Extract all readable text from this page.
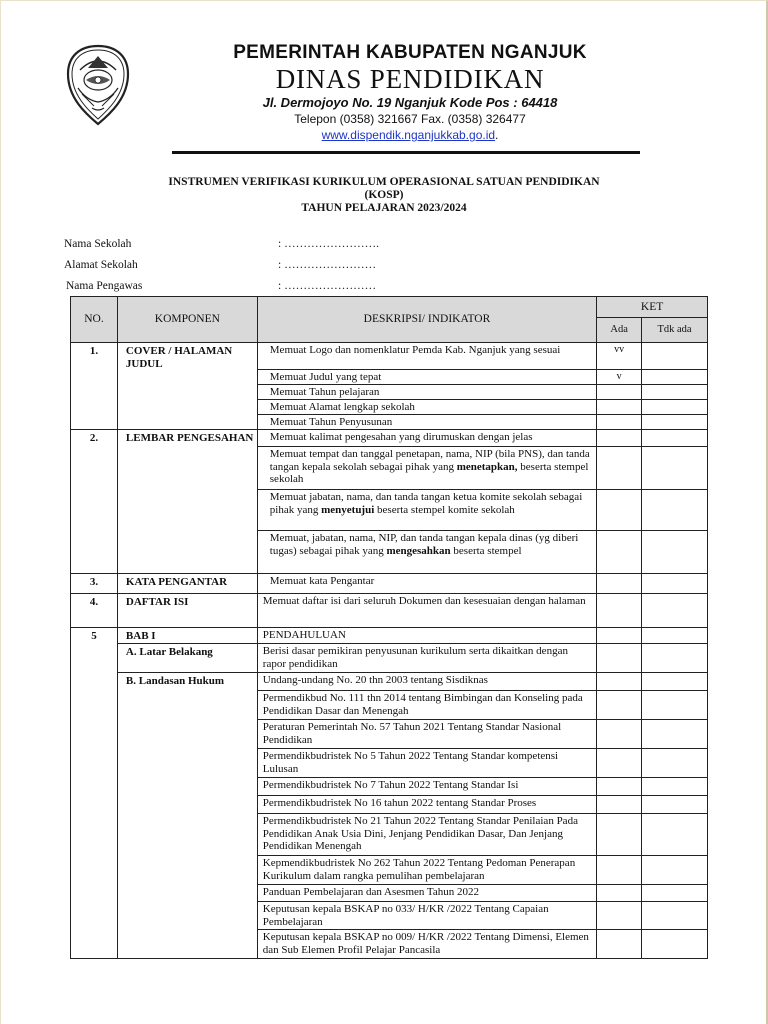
PEMERINTAH KABUPATEN NGANJUK
DINAS PENDIDIKAN
Jl. Dermojoyo No. 19 Nganjuk Kode Pos : 64418
Telepon (0358) 321667 Fax. (0358) 326477
www.dispendik.nganjukkab.go.id.
INSTRUMEN VERIFIKASI KURIKULUM OPERASIONAL SATUAN PENDIDIKAN
(KOSP)
TAHUN PELAJARAN 2023/2024
Nama Sekolah	: …………………….
Alamat Sekolah	: ……………………
Nama Pengawas	: ……………………
NO.	KOMPONEN	DESKRIPSI/ INDIKATOR	KET	
			Ada	Tdk ada
1.	COVER / HALAMAN JUDUL	Memuat Logo dan nomenklatur Pemda Kab. Nganjuk yang sesuai	vv	
		Memuat Judul yang tepat	v	
		Memuat Tahun pelajaran		
		Memuat Alamat lengkap sekolah		
		Memuat Tahun Penyusunan		
2.	LEMBAR PENGESAHAN	Memuat kalimat pengesahan yang dirumuskan dengan jelas		
		Memuat tempat dan tanggal penetapan, nama, NIP (bila PNS), dan tanda tangan kepala sekolah sebagai pihak yang menetapkan, beserta stempel sekolah		
		Memuat jabatan, nama, dan tanda tangan ketua komite sekolah sebagai pihak yang menyetujui beserta stempel komite sekolah		
		Memuat, jabatan, nama, NIP, dan tanda tangan kepala dinas (yg diberi tugas) sebagai pihak yang mengesahkan beserta stempel		
3.	KATA PENGANTAR	Memuat kata Pengantar		
4.	DAFTAR ISI	Memuat daftar isi dari seluruh Dokumen dan kesesuaian dengan halaman		
5	BAB I	PENDAHULUAN		
	A. Latar Belakang	Berisi dasar pemikiran penyusunan kurikulum serta dikaitkan dengan rapor pendidikan		
	B. Landasan Hukum	Undang-undang No. 20 thn 2003 tentang Sisdiknas		
		Permendikbud No. 111 thn 2014 tentang Bimbingan dan Konseling pada Pendidikan Dasar dan Menengah		
		Peraturan Pemerintah No. 57 Tahun 2021 Tentang Standar Nasional Pendidikan		
		Permendikbudristek No 5 Tahun 2022 Tentang Standar kompetensi Lulusan		
		Permendikbudristek No 7 Tahun 2022 Tentang Standar Isi		
		Permendikbudristek No 16 tahun 2022 tentang Standar Proses		
		Permendikbudristek No 21 Tahun 2022 Tentang Standar Penilaian Pada Pendidikan Anak Usia Dini, Jenjang Pendidikan Dasar, Dan Jenjang Pendidikan Menengah		
		Kepmendikbudristek No 262 Tahun 2022 Tentang Pedoman Penerapan Kurikulum dalam rangka pemulihan pembelajaran		
		Panduan Pembelajaran dan Asesmen Tahun 2022		
		Keputusan kepala BSKAP no 033/ H/KR /2022 Tentang Capaian Pembelajaran		
		Keputusan kepala BSKAP no 009/ H/KR /2022 Tentang Dimensi, Elemen dan Sub Elemen Profil Pelajar Pancasila		
